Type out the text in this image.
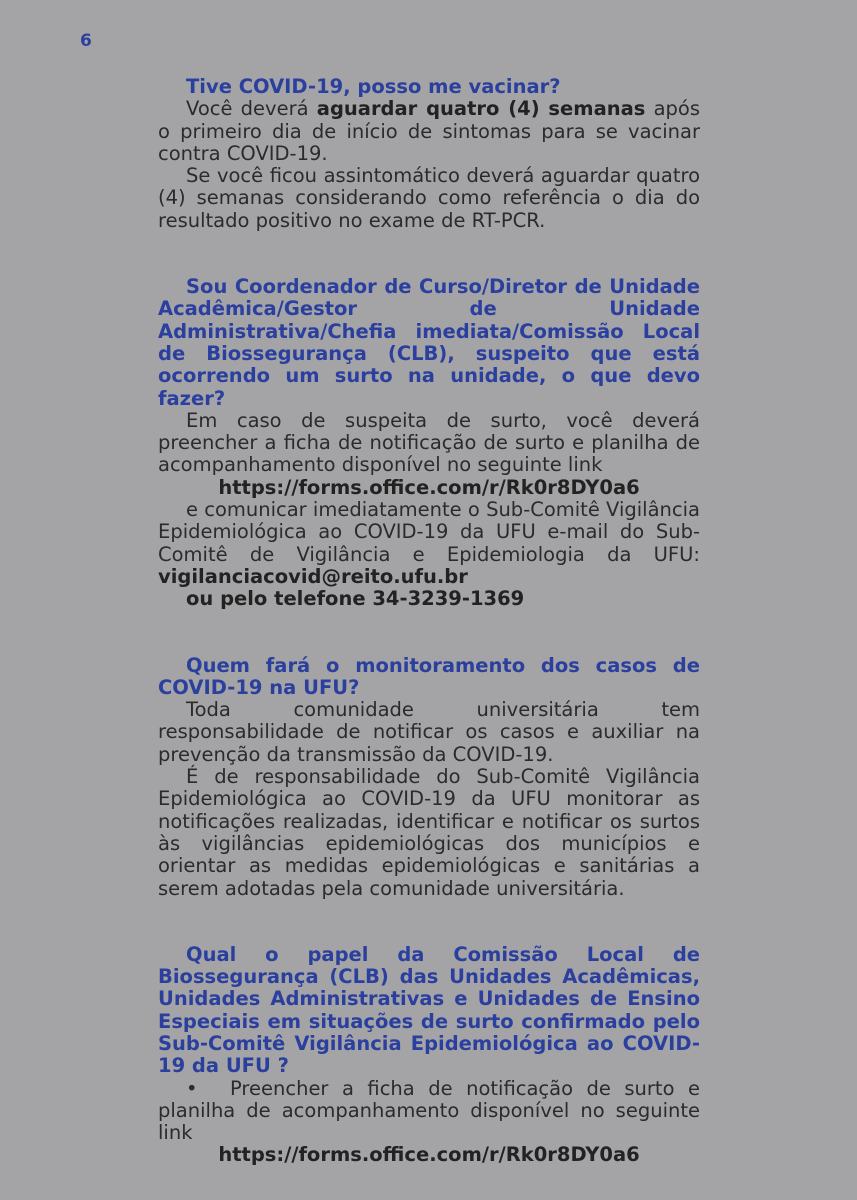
6

Tive COVID-19, posso me vacinar?

Você deverá aguardar quatro (4) semanas após o primeiro dia de início de sintomas para se vacinar contra COVID-19.

Se você ficou assintomático deverá aguardar quatro (4) semanas considerando como referência o dia do resultado positivo no exame de RT-PCR.

Sou Coordenador de Curso/Diretor de Unidade Acadêmica/Gestor de Unidade Administrativa/Chefia imediata/Comissão Local de Biossegurança (CLB), suspeito que está ocorrendo um surto na unidade, o que devo fazer?

Em caso de suspeita de surto, você deverá preencher a ficha de notificação de surto e planilha de acompanhamento disponível no seguinte link

https://forms.office.com/r/Rk0r8DY0a6

e comunicar imediatamente o Sub-Comitê Vigilância Epidemiológica ao COVID-19 da UFU e-mail do Sub-Comitê de Vigilância e Epidemiologia da UFU: vigilanciacovid@reito.ufu.br

ou pelo telefone 34-3239-1369

Quem fará o monitoramento dos casos de COVID-19 na UFU?

Toda comunidade universitária tem responsabilidade de notificar os casos e auxiliar na prevenção da transmissão da COVID-19.

É de responsabilidade do Sub-Comitê Vigilância Epidemiológica ao COVID-19 da UFU monitorar as notificações realizadas, identificar e notificar os surtos às vigilâncias epidemiológicas dos municípios e orientar as medidas epidemiológicas e sanitárias a serem adotadas pela comunidade universitária.

Qual o papel da Comissão Local de Biossegurança (CLB) das Unidades Acadêmicas, Unidades Administrativas e Unidades de Ensino Especiais em situações de surto confirmado pelo Sub-Comitê Vigilância Epidemiológica ao COVID-19 da UFU ?

• Preencher a ficha de notificação de surto e planilha de acompanhamento disponível no seguinte link

https://forms.office.com/r/Rk0r8DY0a6
